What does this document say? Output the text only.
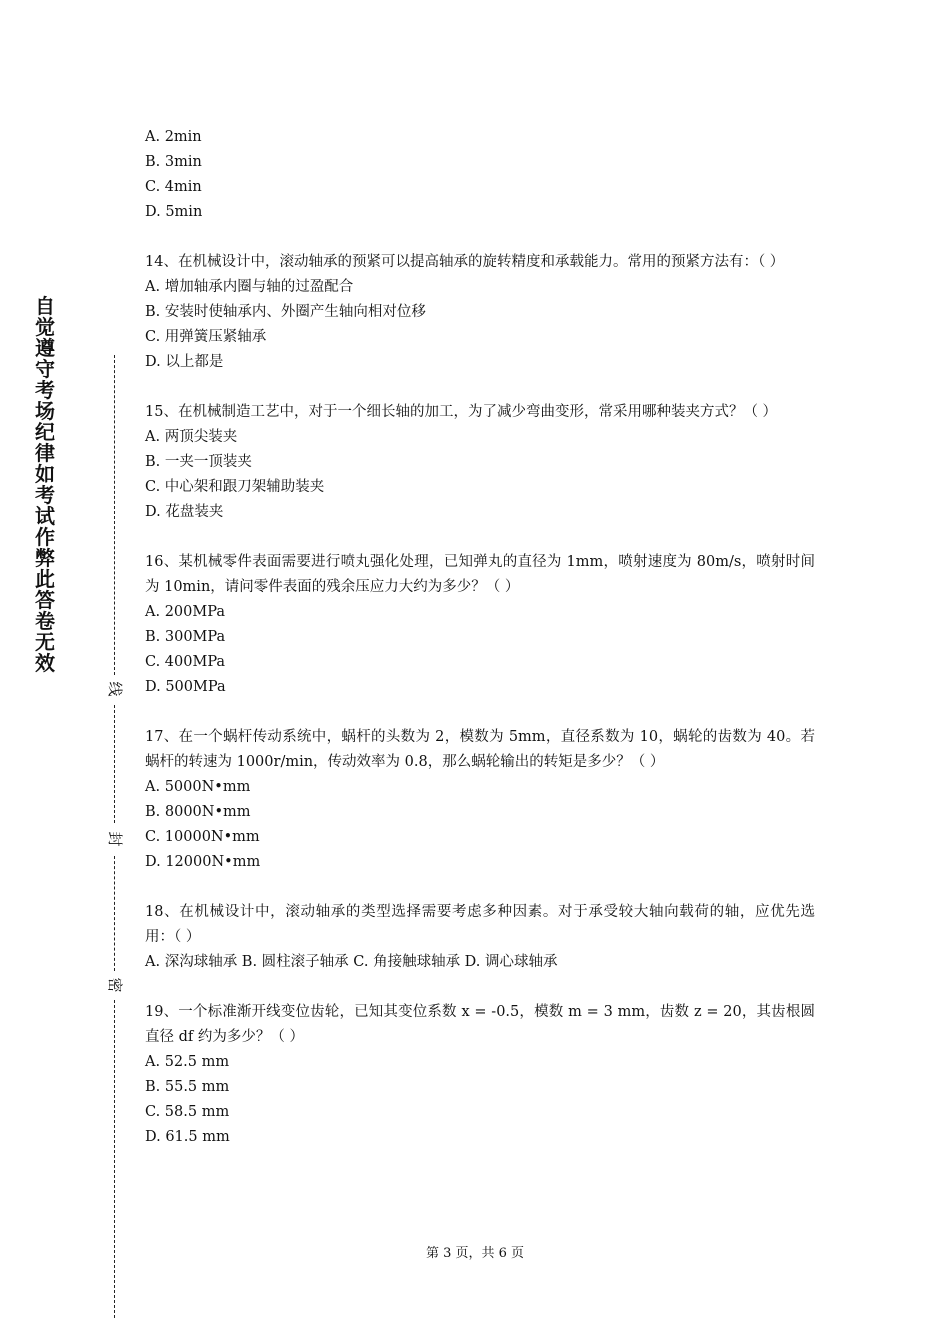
自觉遵守考场纪律如考试作弊此答卷无效
线
封
密

A. 2min

B. 3min

C. 4min

D. 5min

14、在机械设计中，滚动轴承的预紧可以提高轴承的旋转精度和承载能力。常用的预紧方法有：（ ）

A. 增加轴承内圈与轴的过盈配合

B. 安装时使轴承内、外圈产生轴向相对位移

C. 用弹簧压紧轴承

D. 以上都是

15、在机械制造工艺中，对于一个细长轴的加工，为了减少弯曲变形，常采用哪种装夹方式？（ ）

A. 两顶尖装夹

B. 一夹一顶装夹

C. 中心架和跟刀架辅助装夹

D. 花盘装夹

16、某机械零件表面需要进行喷丸强化处理，已知弹丸的直径为 1mm，喷射速度为 80m/s，喷射时间为 10min，请问零件表面的残余压应力大约为多少？（ ）

A. 200MPa

B. 300MPa

C. 400MPa

D. 500MPa

17、在一个蜗杆传动系统中，蜗杆的头数为 2，模数为 5mm，直径系数为 10，蜗轮的齿数为 40。若蜗杆的转速为 1000r/min，传动效率为 0.8，那么蜗轮输出的转矩是多少？（ ）

A. 5000N•mm

B. 8000N•mm

C. 10000N•mm

D. 12000N•mm

18、在机械设计中，滚动轴承的类型选择需要考虑多种因素。对于承受较大轴向载荷的轴，应优先选用：（ ）

A. 深沟球轴承 B. 圆柱滚子轴承 C. 角接触球轴承 D. 调心球轴承

19、一个标准渐开线变位齿轮，已知其变位系数 x = -0.5，模数 m = 3 mm，齿数 z = 20，其齿根圆直径 df 约为多少？（ ）

A. 52.5 mm

B. 55.5 mm

C. 58.5 mm

D. 61.5 mm

第 3 页，共 6 页
